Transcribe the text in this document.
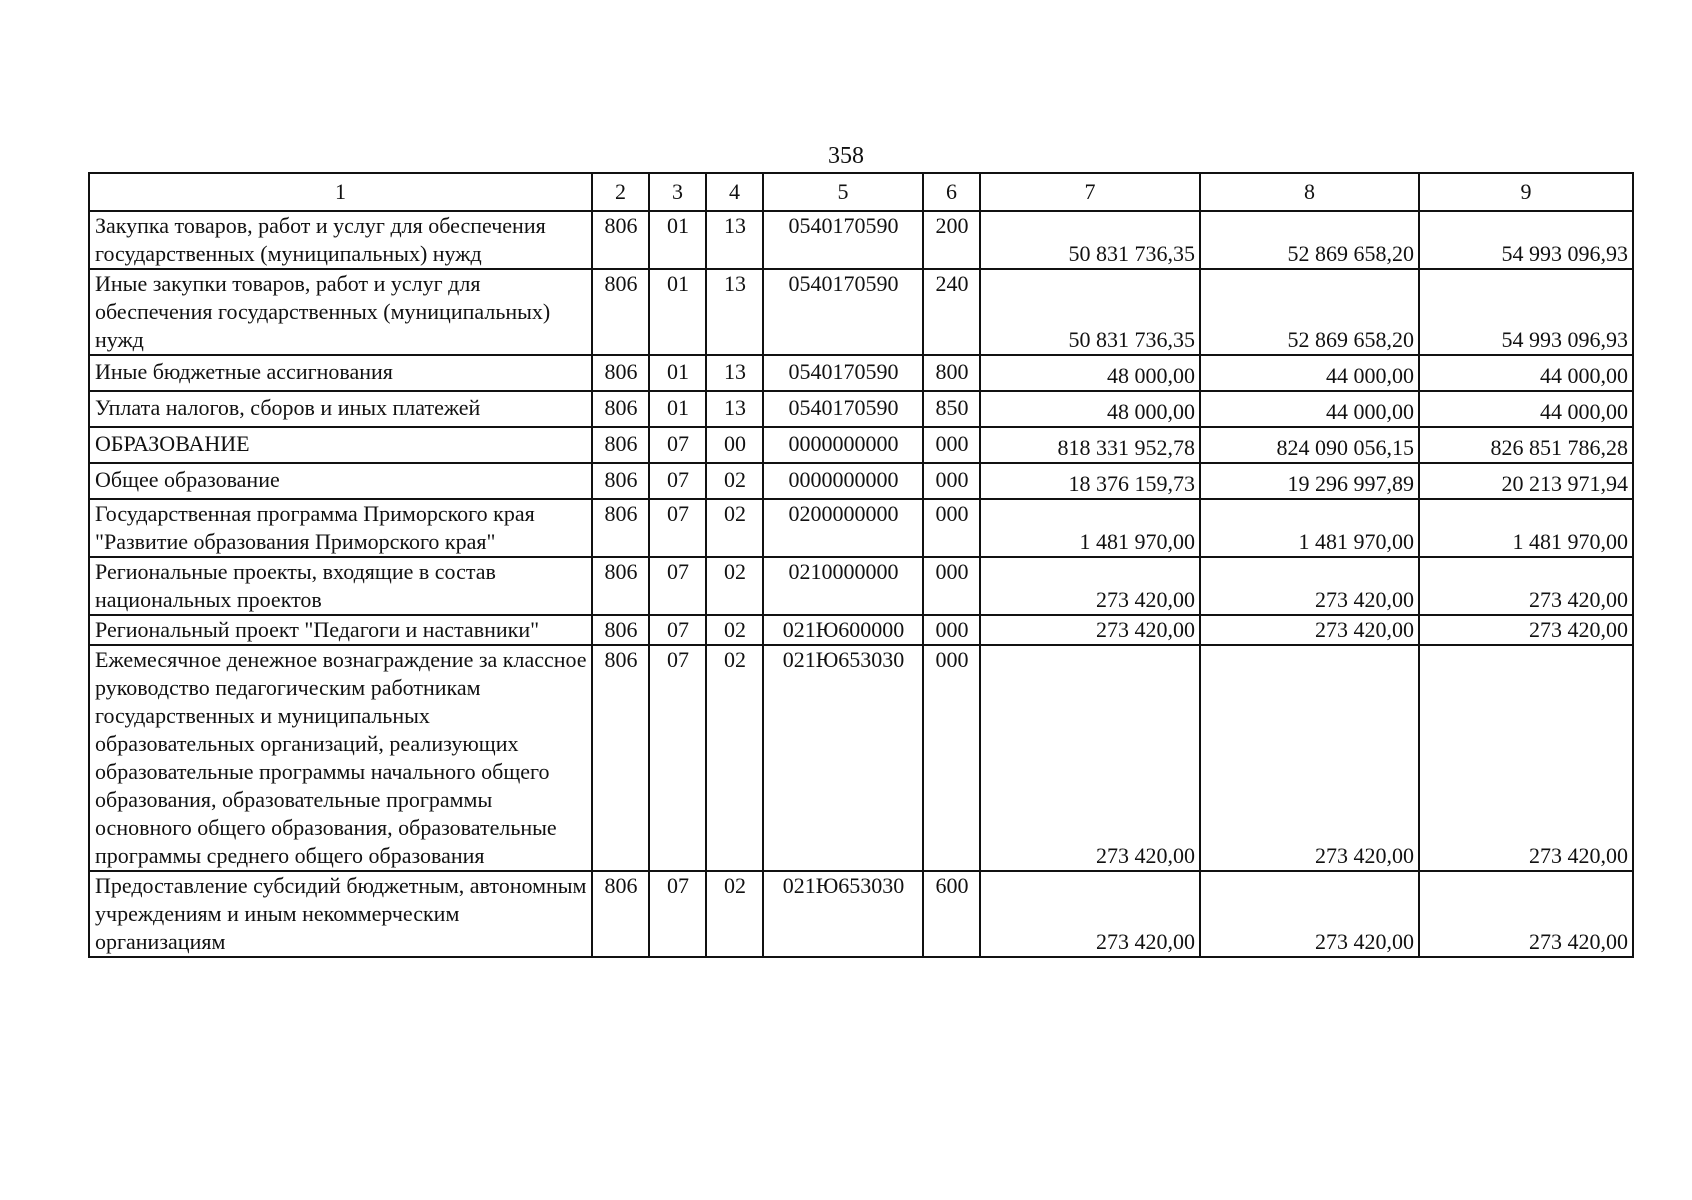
358
1	2	3	4	5	6	7	8	9
Закупка товаров, работ и услуг для обеспечения государственных (муниципальных) нужд	806	01	13	0540170590	200	50 831 736,35	52 869 658,20	54 993 096,93
Иные закупки товаров, работ и услуг для обеспечения государственных (муниципальных) нужд	806	01	13	0540170590	240	50 831 736,35	52 869 658,20	54 993 096,93
Иные бюджетные ассигнования	806	01	13	0540170590	800	48 000,00	44 000,00	44 000,00
Уплата налогов, сборов и иных платежей	806	01	13	0540170590	850	48 000,00	44 000,00	44 000,00
ОБРАЗОВАНИЕ	806	07	00	0000000000	000	818 331 952,78	824 090 056,15	826 851 786,28
Общее образование	806	07	02	0000000000	000	18 376 159,73	19 296 997,89	20 213 971,94
Государственная программа Приморского края "Развитие образования Приморского края"	806	07	02	0200000000	000	1 481 970,00	1 481 970,00	1 481 970,00
Региональные проекты, входящие в состав национальных проектов	806	07	02	0210000000	000	273 420,00	273 420,00	273 420,00
Региональный проект "Педагоги и наставники"	806	07	02	021Ю600000	000	273 420,00	273 420,00	273 420,00
Ежемесячное денежное вознаграждение за классное руководство педагогическим работникам государственных и муниципальных образовательных организаций, реализующих образовательные программы начального общего образования, образовательные программы основного общего образования, образовательные программы среднего общего образования	806	07	02	021Ю653030	000	273 420,00	273 420,00	273 420,00
Предоставление субсидий бюджетным, автономным учреждениям и иным некоммерческим организациям	806	07	02	021Ю653030	600	273 420,00	273 420,00	273 420,00
